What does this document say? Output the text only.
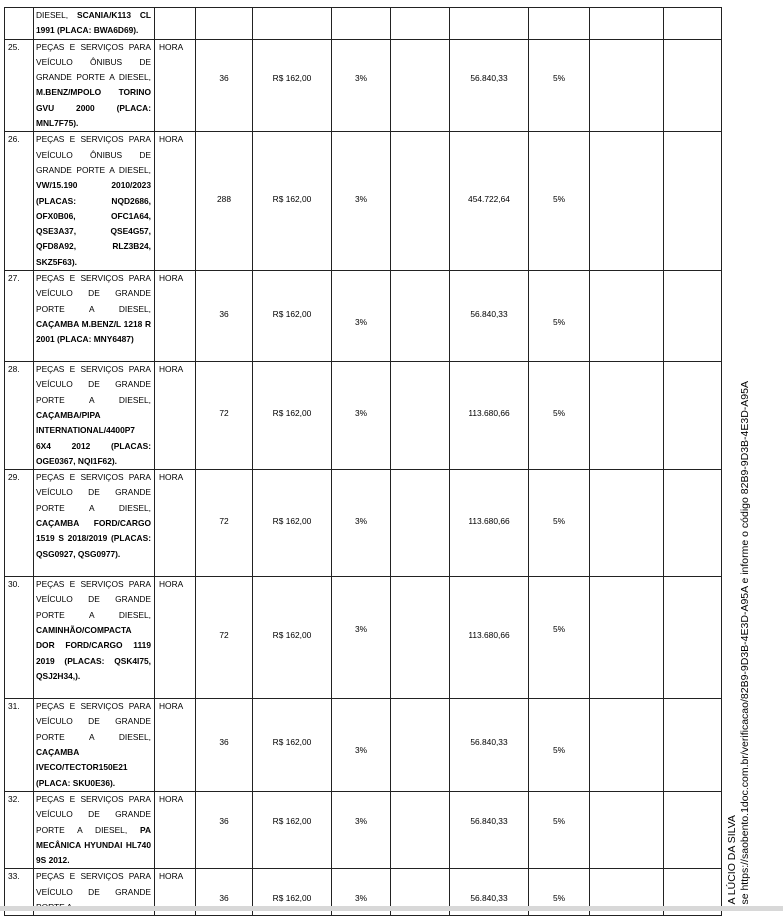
	DIESEL, SCANIA/K113 CL 1991 (PLACA: BWA6D69).		

25.	PEÇAS E SERVIÇOS PARA VEÍCULO ÔNIBUS DE GRANDE PORTE A DIESEL, M.BENZ/MPOLO TORINO GVU 2000 (PLACA: MNL7F75).	HORA	36	R$ 162,00	3%		56.840,33	5%		

26.	PEÇAS E SERVIÇOS PARA VEÍCULO ÔNIBUS DE GRANDE PORTE A DIESEL, VW/15.190 2010/2023 (PLACAS: NQD2686, OFX0B06, OFC1A64, QSE3A37, QSE4G57, QFD8A92, RLZ3B24, SKZ5F63).	HORA	288	R$ 162,00	3%		454.722,64	5%		

27.	PEÇAS E SERVIÇOS PARA VEÍCULO DE GRANDE PORTE A DIESEL, CAÇAMBA M.BENZ/L 1218 R 2001 (PLACA: MNY6487)	HORA	36	R$ 162,00	3%		56.840,33	5%		

28.	PEÇAS E SERVIÇOS PARA VEÍCULO DE GRANDE PORTE A DIESEL, CAÇAMBA/PIPA INTERNATIONAL/4400P7 6X4 2012 (PLACAS: OGE0367, NQI1F62).	HORA	72	R$ 162,00	3%		113.680,66	5%		

29.	PEÇAS E SERVIÇOS PARA VEÍCULO DE GRANDE PORTE A DIESEL, CAÇAMBA FORD/CARGO 1519 S 2018/2019 (PLACAS: QSG0927, QSG0977).	HORA	72	R$ 162,00	3%		113.680,66	5%		

30.	PEÇAS E SERVIÇOS PARA VEÍCULO DE GRANDE PORTE A DIESEL, CAMINHÃO/COMPACTA DOR FORD/CARGO 1119 2019 (PLACAS: QSK4I75, QSJ2H34,).	HORA	72	R$ 162,00	3%		113.680,66	5%		

31.	PEÇAS E SERVIÇOS PARA VEÍCULO DE GRANDE PORTE A DIESEL, CAÇAMBA IVECO/TECTOR150E21 (PLACA: SKU0E36).	HORA	36	R$ 162,00	3%		56.840,33	5%		

32.	PEÇAS E SERVIÇOS PARA VEÍCULO DE GRANDE PORTE A DIESEL, PA MECÂNICA HYUNDAI HL740 9S 2012.	HORA	36	R$ 162,00	3%		56.840,33	5%		

33.	PEÇAS E SERVIÇOS PARA VEÍCULO DE GRANDE	HORA	36	R$ 162,00	3%		56.840,33	5%		
			A LÚCIO DA SILVA se https://saobento.1doc.com.br/verificacao/82B9-9D3B-4E3D-A95A e informe o código 82B9-9D3B-4E3D-A95A
